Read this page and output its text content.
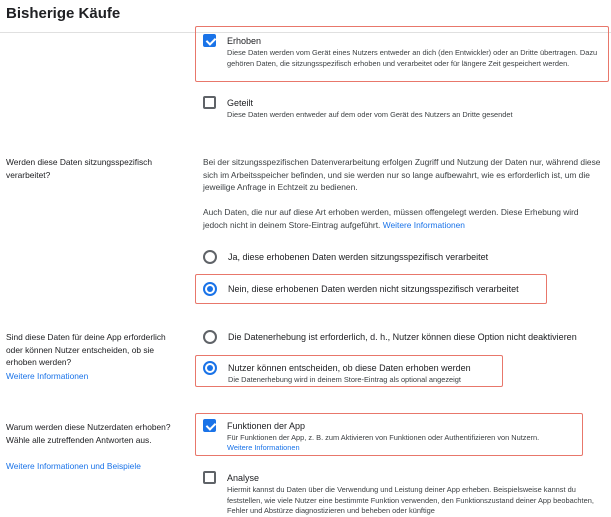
Bisherige Käufe
Erhoben
Diese Daten werden vom Gerät eines Nutzers entweder an dich (den Entwickler) oder an Dritte übertragen. Dazu gehören Daten, die sitzungsspezifisch erhoben und verarbeitet oder für längere Zeit gespeichert werden.
Geteilt
Diese Daten werden entweder auf dem oder vom Gerät des Nutzers an Dritte gesendet
Werden diese Daten sitzungsspezifisch verarbeitet?
Bei der sitzungsspezifischen Datenverarbeitung erfolgen Zugriff und Nutzung der Daten nur, während diese sich im Arbeitsspeicher befinden, und sie werden nur so lange aufbewahrt, wie es erforderlich ist, um die jeweilige Anfrage in Echtzeit zu bedienen.
Auch Daten, die nur auf diese Art erhoben werden, müssen offengelegt werden. Diese Erhebung wird jedoch nicht in deinem Store-Eintrag aufgeführt. Weitere Informationen
Ja, diese erhobenen Daten werden sitzungsspezifisch verarbeitet
Nein, diese erhobenen Daten werden nicht sitzungsspezifisch verarbeitet
Sind diese Daten für deine App erforderlich oder können Nutzer entscheiden, ob sie erhoben werden?
Weitere Informationen
Die Datenerhebung ist erforderlich, d. h., Nutzer können diese Option nicht deaktivieren
Nutzer können entscheiden, ob diese Daten erhoben werden
Die Datenerhebung wird in deinem Store-Eintrag als optional angezeigt
Warum werden diese Nutzerdaten erhoben? Wähle alle zutreffenden Antworten aus.
Weitere Informationen und Beispiele
Funktionen der App
Für Funktionen der App, z. B. zum Aktivieren von Funktionen oder Authentifizieren von Nutzern.
Weitere Informationen
Analyse
Hiermit kannst du Daten über die Verwendung und Leistung deiner App erheben. Beispielsweise kannst du feststellen, wie viele Nutzer eine bestimmte Funktion verwenden, den Funktionszustand deiner App beobachten, Fehler und Abstürze diagnostizieren und beheben oder künftige
